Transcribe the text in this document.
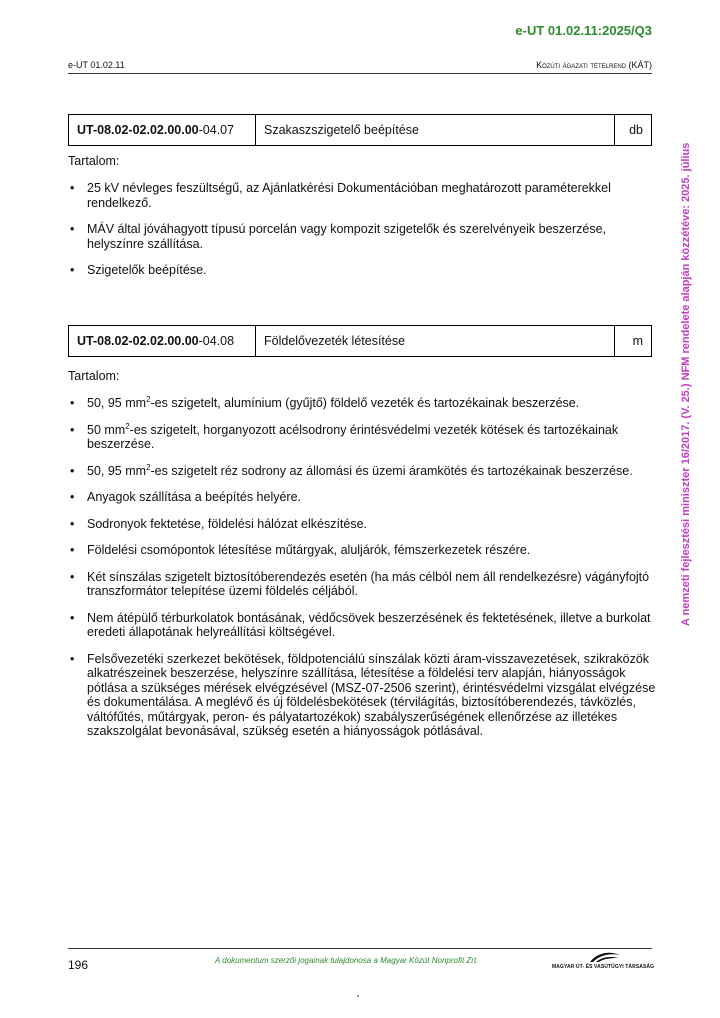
e-UT 01.02.11:2025/Q3
e-UT 01.02.11	Közúti ágazati tételrend (KÁT)
UT-08.02-02.02.00.00-04.07	Szakaszszigetelő beépítése	db
Tartalom:
• 25 kV névleges feszültségű, az Ajánlatkérési Dokumentációban meghatározott paraméterekkel rendelkező.
• MÁV által jóváhagyott típusú porcelán vagy kompozit szigetelők és szerelvényeik beszerzése, helyszínre szállítása.
• Szigetelők beépítése.
UT-08.02-02.02.00.00-04.08	Földelővezeték létesítése	m
Tartalom:
• 50, 95 $mm^2-es$ szigetelt, alumínium (gyűjtő) földelő vezeték és tartozékainak beszerzése.
• 50 $mm^2-es$ szigetelt, horganyozott acélsodrony érintésvédelmi vezeték kötések és tartozékainak beszerzése.
• 50, 95 $mm^2-es$ szigetelt réz sodrony az állomási és üzemi áramkötés és tartozékainak beszerzése.
• Anyagok szállítása a beépítés helyére.
• Sodronyok fektetése, földelési hálózat elkészítése.
• Földelési csomópontok létesítése műtárgyak, aluljárók, fémszerkezetek részére.
• Két sínszálas szigetelt biztosítóberendezés esetén (ha más célból nem áll rendelkezésre) vágányfojtó transzformátor telepítése üzemi földelés céljából.
• Nem átépülő térburkolatok bontásának, védőcsövek beszerzésének és fektetésének, illetve a burkolat eredeti állapotának helyreállítási költségével.
• Felsővezetéki szerkezet bekötések, földpotenciálú sínszálak közti áram-visszavezetések, szikraközök alkatrészeinek beszerzése, helyszínre szállítása, létesítése a földelési terv alapján, hiányosságok pótlása a szükséges mérések elvégzésével (MSZ-07-2506 szerint), érintésvédelmi vizsgálat elvégzése és dokumentálása. A meglévő és új földelésbekötések (térvilágítás, biztosítóberendezés, távközlés, váltófűtés, műtárgyak, peron- és pályatartozékok) szabályszerűségének ellenőrzése az illetékes szakszolgálat bevonásával, szükség esetén a hiányosságok pótlásával.
A nemzeti fejlesztési miniszter 16/2017. (V. 25.) NFM rendelete alapján közzétéve: 2025. július
196	A dokumentum szerzői jogainak tulajdonosa a Magyar Közút Nonprofit Zrt.
MAGYAR ÚT- ÉS VASÚTÜGYI TÁRSASÁG
